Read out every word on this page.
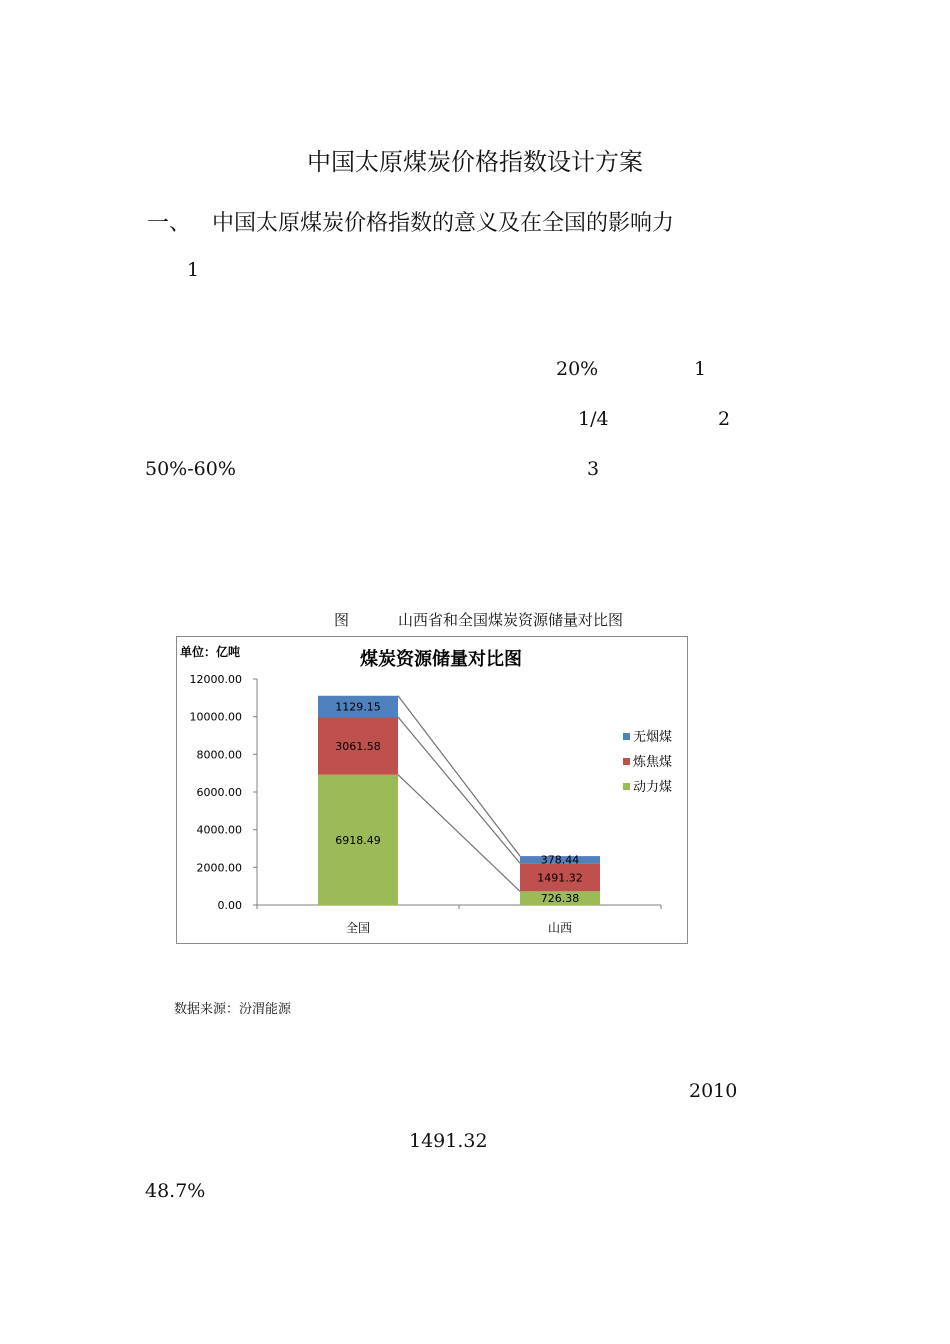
中国太原煤炭价格指数设计方案
一、 中国太原煤炭价格指数的意义及在全国的影响力
1
20%	1
1/4	2
50%-60%	3
图	山西省和全国煤炭资源储量对比图
单位：亿吨	煤炭资源储量对比图
0.00
2000.00
4000.00
6000.00
8000.00
10000.00
12000.00
6918.49
3061.58
1129.15
全国
726.38
1491.32
378.44
山西
无烟煤
炼焦煤
动力煤
数据来源：汾渭能源
2010
1491.32
48.7%
